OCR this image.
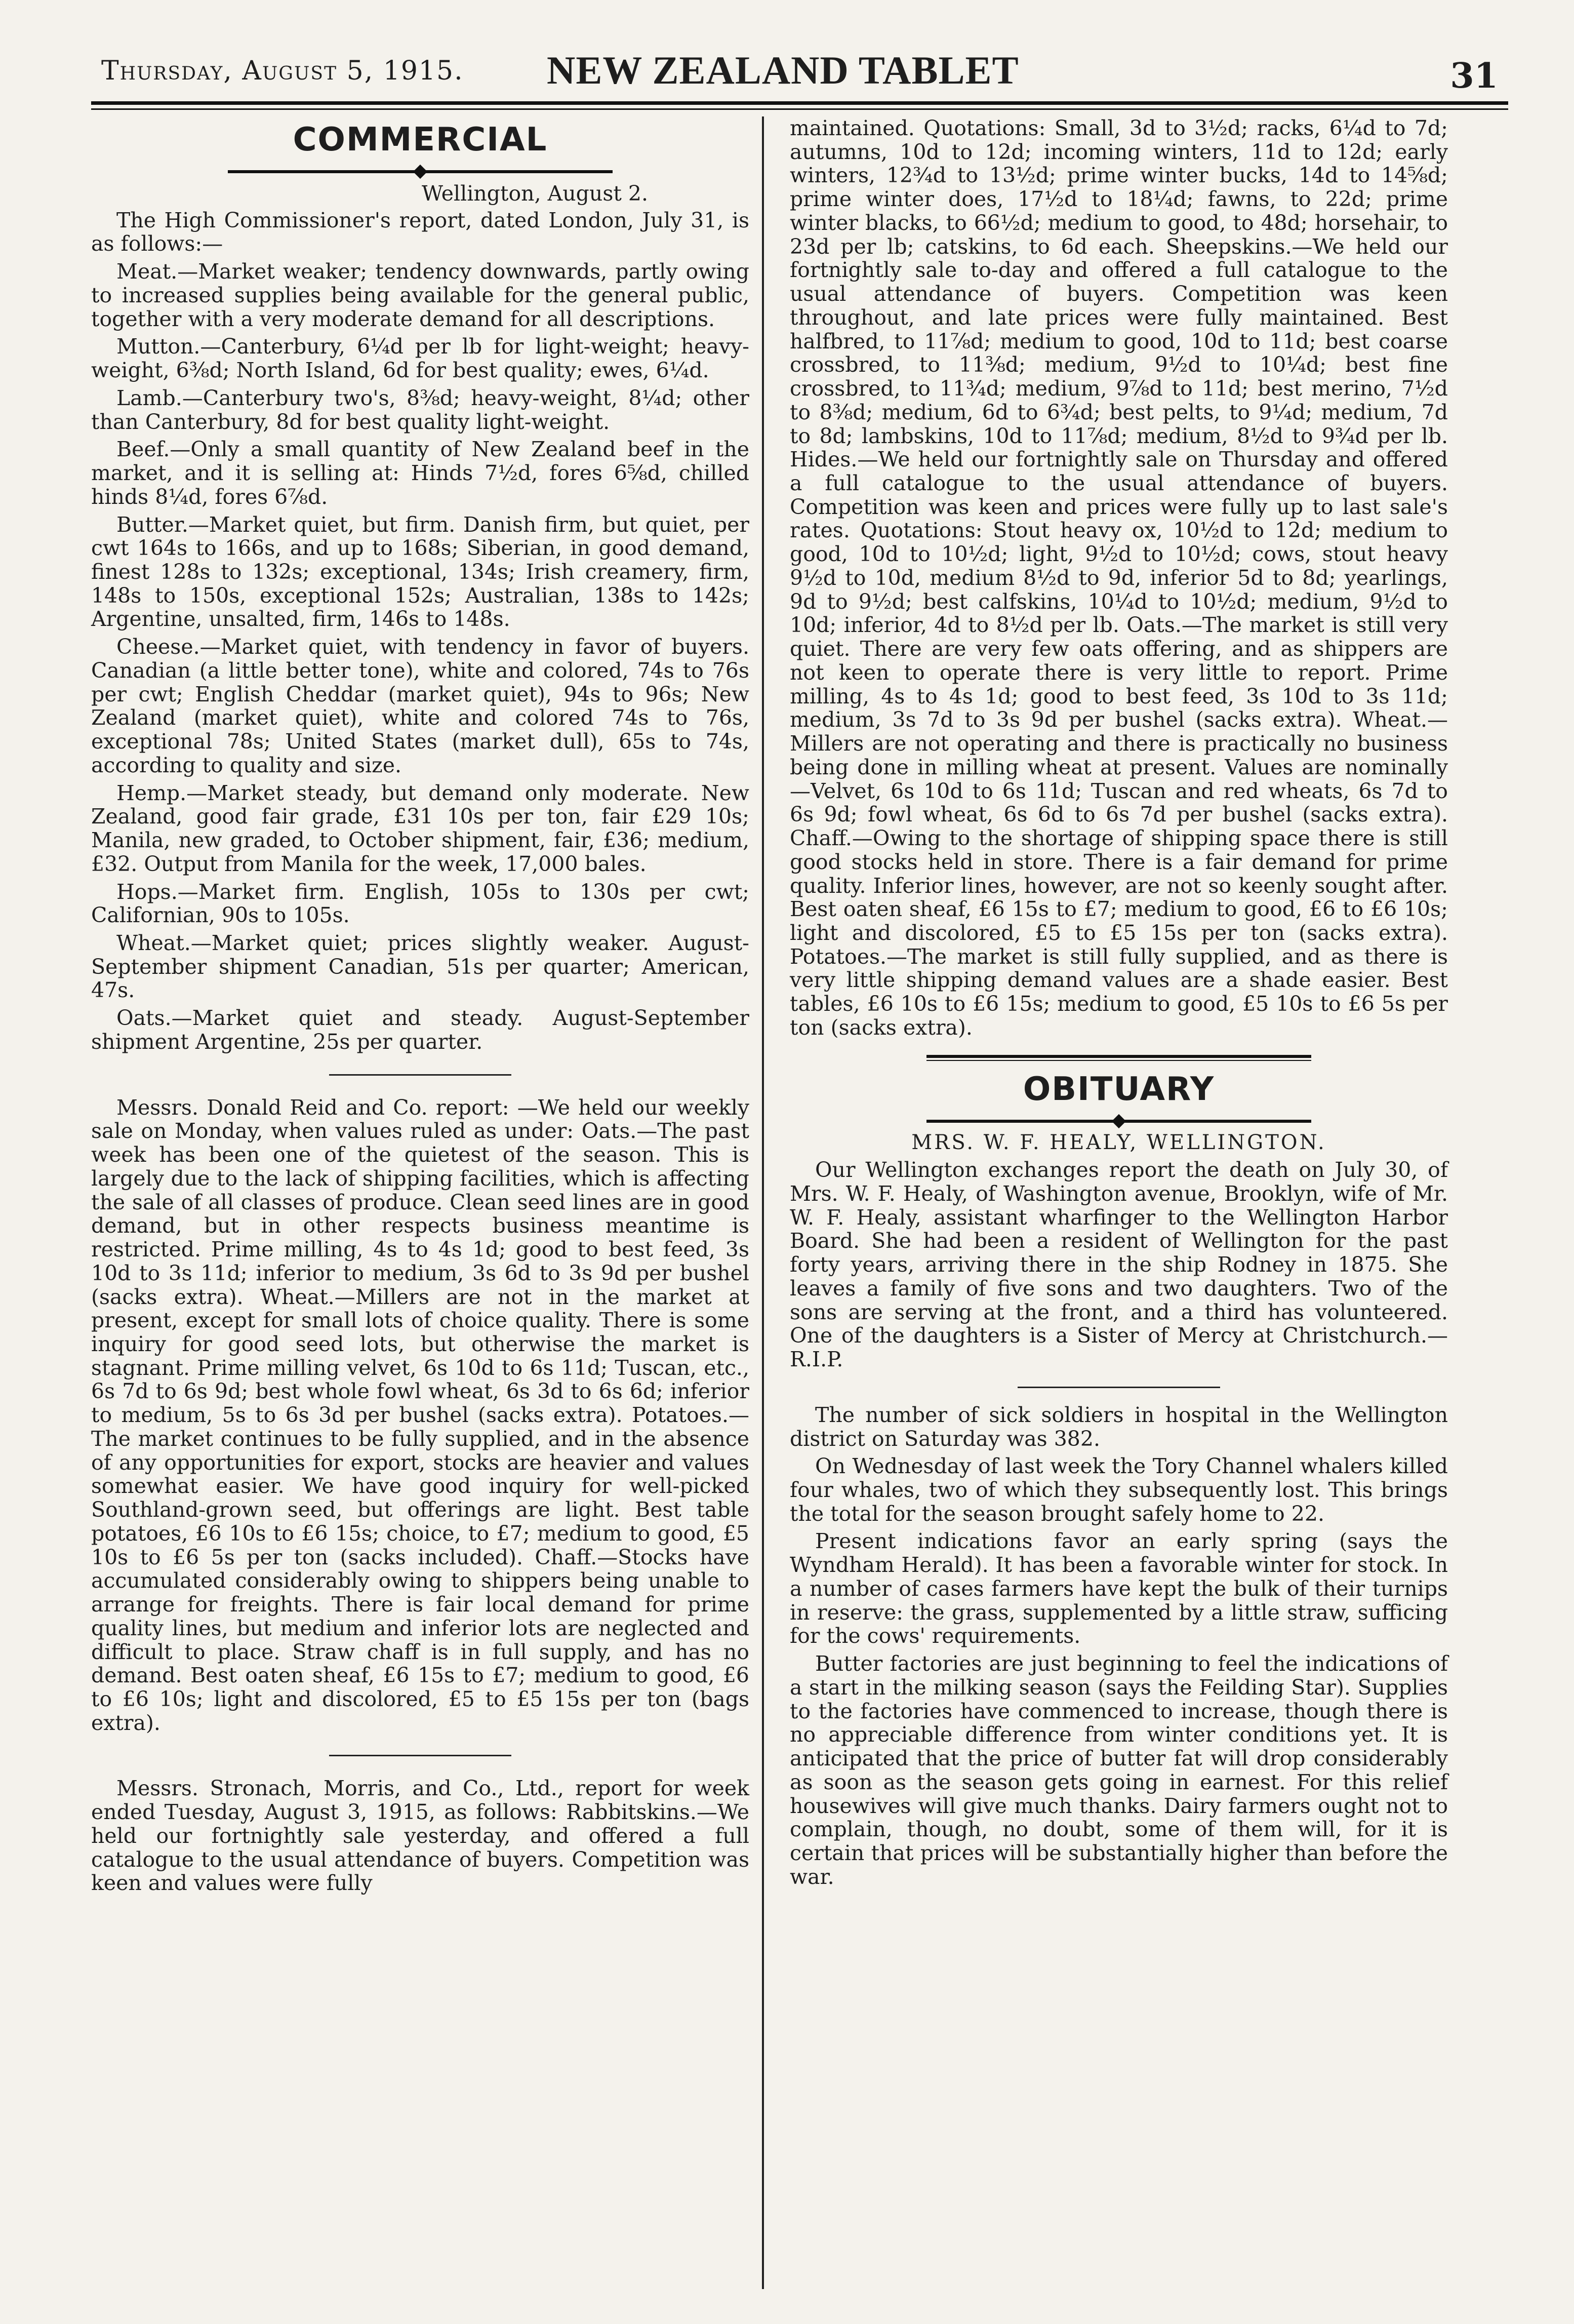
Thursday, August 5, 1915. NEW ZEALAND TABLET	31
COMMERCIAL
Wellington, August 2.

The High Commissioner's report, dated London, July 31, is as follows:—

Meat.—Market weaker; tendency downwards, partly owing to increased supplies being available for the general public, together with a very moderate demand for all descriptions.

Mutton.—Canterbury, 6¼d per lb for light-weight; heavy-weight, 6⅜d; North Island, 6d for best quality; ewes, 6¼d.

Lamb.—Canterbury two's, 8⅜d; heavy-weight, 8¼d; other than Canterbury, 8d for best quality light-weight.

Beef.—Only a small quantity of New Zealand beef in the market, and it is selling at: Hinds 7½d, fores 6⅝d, chilled hinds 8¼d, fores 6⅞d.

Butter.—Market quiet, but firm. Danish firm, but quiet, per cwt 164s to 166s, and up to 168s; Siberian, in good demand, finest 128s to 132s; exceptional, 134s; Irish creamery, firm, 148s to 150s, exceptional 152s; Australian, 138s to 142s; Argentine, unsalted, firm, 146s to 148s.

Cheese.—Market quiet, with tendency in favor of buyers. Canadian (a little better tone), white and colored, 74s to 76s per cwt; English Cheddar (market quiet), 94s to 96s; New Zealand (market quiet), white and colored 74s to 76s, exceptional 78s; United States (market dull), 65s to 74s, according to quality and size.

Hemp.—Market steady, but demand only moderate. New Zealand, good fair grade, £31 10s per ton, fair £29 10s; Manila, new graded, to October shipment, fair, £36; medium, £32. Output from Manila for the week, 17,000 bales.

Hops.—Market firm. English, 105s to 130s per cwt; Californian, 90s to 105s.

Wheat.—Market quiet; prices slightly weaker. August-September shipment Canadian, 51s per quarter; American, 47s.

Oats.—Market quiet and steady. August-September shipment Argentine, 25s per quarter.

Messrs. Donald Reid and Co. report: —We held our weekly sale on Monday, when values ruled as under: Oats.—The past week has been one of the quietest of the season. This is largely due to the lack of shipping facilities, which is affecting the sale of all classes of produce. Clean seed lines are in good demand, but in other respects business meantime is restricted. Prime milling, 4s to 4s 1d; good to best feed, 3s 10d to 3s 11d; inferior to medium, 3s 6d to 3s 9d per bushel (sacks extra). Wheat.—Millers are not in the market at present, except for small lots of choice quality. There is some inquiry for good seed lots, but otherwise the market is stagnant. Prime milling velvet, 6s 10d to 6s 11d; Tuscan, etc., 6s 7d to 6s 9d; best whole fowl wheat, 6s 3d to 6s 6d; inferior to medium, 5s to 6s 3d per bushel (sacks extra). Potatoes.—The market continues to be fully supplied, and in the absence of any opportunities for export, stocks are heavier and values somewhat easier. We have good inquiry for well-picked Southland-grown seed, but offerings are light. Best table potatoes, £6 10s to £6 15s; choice, to £7; medium to good, £5 10s to £6 5s per ton (sacks included). Chaff.—Stocks have accumulated considerably owing to shippers being unable to arrange for freights. There is fair local demand for prime quality lines, but medium and inferior lots are neglected and difficult to place. Straw chaff is in full supply, and has no demand. Best oaten sheaf, £6 15s to £7; medium to good, £6 to £6 10s; light and discolored, £5 to £5 15s per ton (bags extra).

Messrs. Stronach, Morris, and Co., Ltd., report for week ended Tuesday, August 3, 1915, as follows: Rabbitskins.—We held our fortnightly sale yesterday, and offered a full catalogue to the usual attendance of buyers. Competition was keen and values were fully

maintained. Quotations: Small, 3d to 3½d; racks, 6¼d to 7d; autumns, 10d to 12d; incoming winters, 11d to 12d; early winters, 12¾d to 13½d; prime winter bucks, 14d to 14⅝d; prime winter does, 17½d to 18¼d; fawns, to 22d; prime winter blacks, to 66½d; medium to good, to 48d; horsehair, to 23d per lb; catskins, to 6d each. Sheepskins.—We held our fortnightly sale to-day and offered a full catalogue to the usual attendance of buyers. Competition was keen throughout, and late prices were fully maintained. Best halfbred, to 11⅞d; medium to good, 10d to 11d; best coarse crossbred, to 11⅜d; medium, 9½d to 10¼d; best fine crossbred, to 11¾d; medium, 9⅞d to 11d; best merino, 7½d to 8⅜d; medium, 6d to 6¾d; best pelts, to 9¼d; medium, 7d to 8d; lambskins, 10d to 11⅞d; medium, 8½d to 9¾d per lb. Hides.—We held our fortnightly sale on Thursday and offered a full catalogue to the usual attendance of buyers. Competition was keen and prices were fully up to last sale's rates. Quotations: Stout heavy ox, 10½d to 12d; medium to good, 10d to 10½d; light, 9½d to 10½d; cows, stout heavy 9½d to 10d, medium 8½d to 9d, inferior 5d to 8d; yearlings, 9d to 9½d; best calfskins, 10¼d to 10½d; medium, 9½d to 10d; inferior, 4d to 8½d per lb. Oats.—The market is still very quiet. There are very few oats offering, and as shippers are not keen to operate there is very little to report. Prime milling, 4s to 4s 1d; good to best feed, 3s 10d to 3s 11d; medium, 3s 7d to 3s 9d per bushel (sacks extra). Wheat.—Millers are not operating and there is practically no business being done in milling wheat at present. Values are nominally—Velvet, 6s 10d to 6s 11d; Tuscan and red wheats, 6s 7d to 6s 9d; fowl wheat, 6s 6d to 6s 7d per bushel (sacks extra). Chaff.—Owing to the shortage of shipping space there is still good stocks held in store. There is a fair demand for prime quality. Inferior lines, however, are not so keenly sought after. Best oaten sheaf, £6 15s to £7; medium to good, £6 to £6 10s; light and discolored, £5 to £5 15s per ton (sacks extra). Potatoes.—The market is still fully supplied, and as there is very little shipping demand values are a shade easier. Best tables, £6 10s to £6 15s; medium to good, £5 10s to £6 5s per ton (sacks extra).

OBITUARY
MRS. W. F. HEALY, WELLINGTON.

Our Wellington exchanges report the death on July 30, of Mrs. W. F. Healy, of Washington avenue, Brooklyn, wife of Mr. W. F. Healy, assistant wharfinger to the Wellington Harbor Board. She had been a resident of Wellington for the past forty years, arriving there in the ship Rodney in 1875. She leaves a family of five sons and two daughters. Two of the sons are serving at the front, and a third has volunteered. One of the daughters is a Sister of Mercy at Christchurch.—R.I.P.

The number of sick soldiers in hospital in the Wellington district on Saturday was 382.

On Wednesday of last week the Tory Channel whalers killed four whales, two of which they subsequently lost. This brings the total for the season brought safely home to 22.

Present indications favor an early spring (says the Wyndham Herald). It has been a favorable winter for stock. In a number of cases farmers have kept the bulk of their turnips in reserve: the grass, supplemented by a little straw, sufficing for the cows' requirements.

Butter factories are just beginning to feel the indications of a start in the milking season (says the Feilding Star). Supplies to the factories have commenced to increase, though there is no appreciable difference from winter conditions yet. It is anticipated that the price of butter fat will drop considerably as soon as the season gets going in earnest. For this relief housewives will give much thanks. Dairy farmers ought not to complain, though, no doubt, some of them will, for it is certain that prices will be substantially higher than before the war.
